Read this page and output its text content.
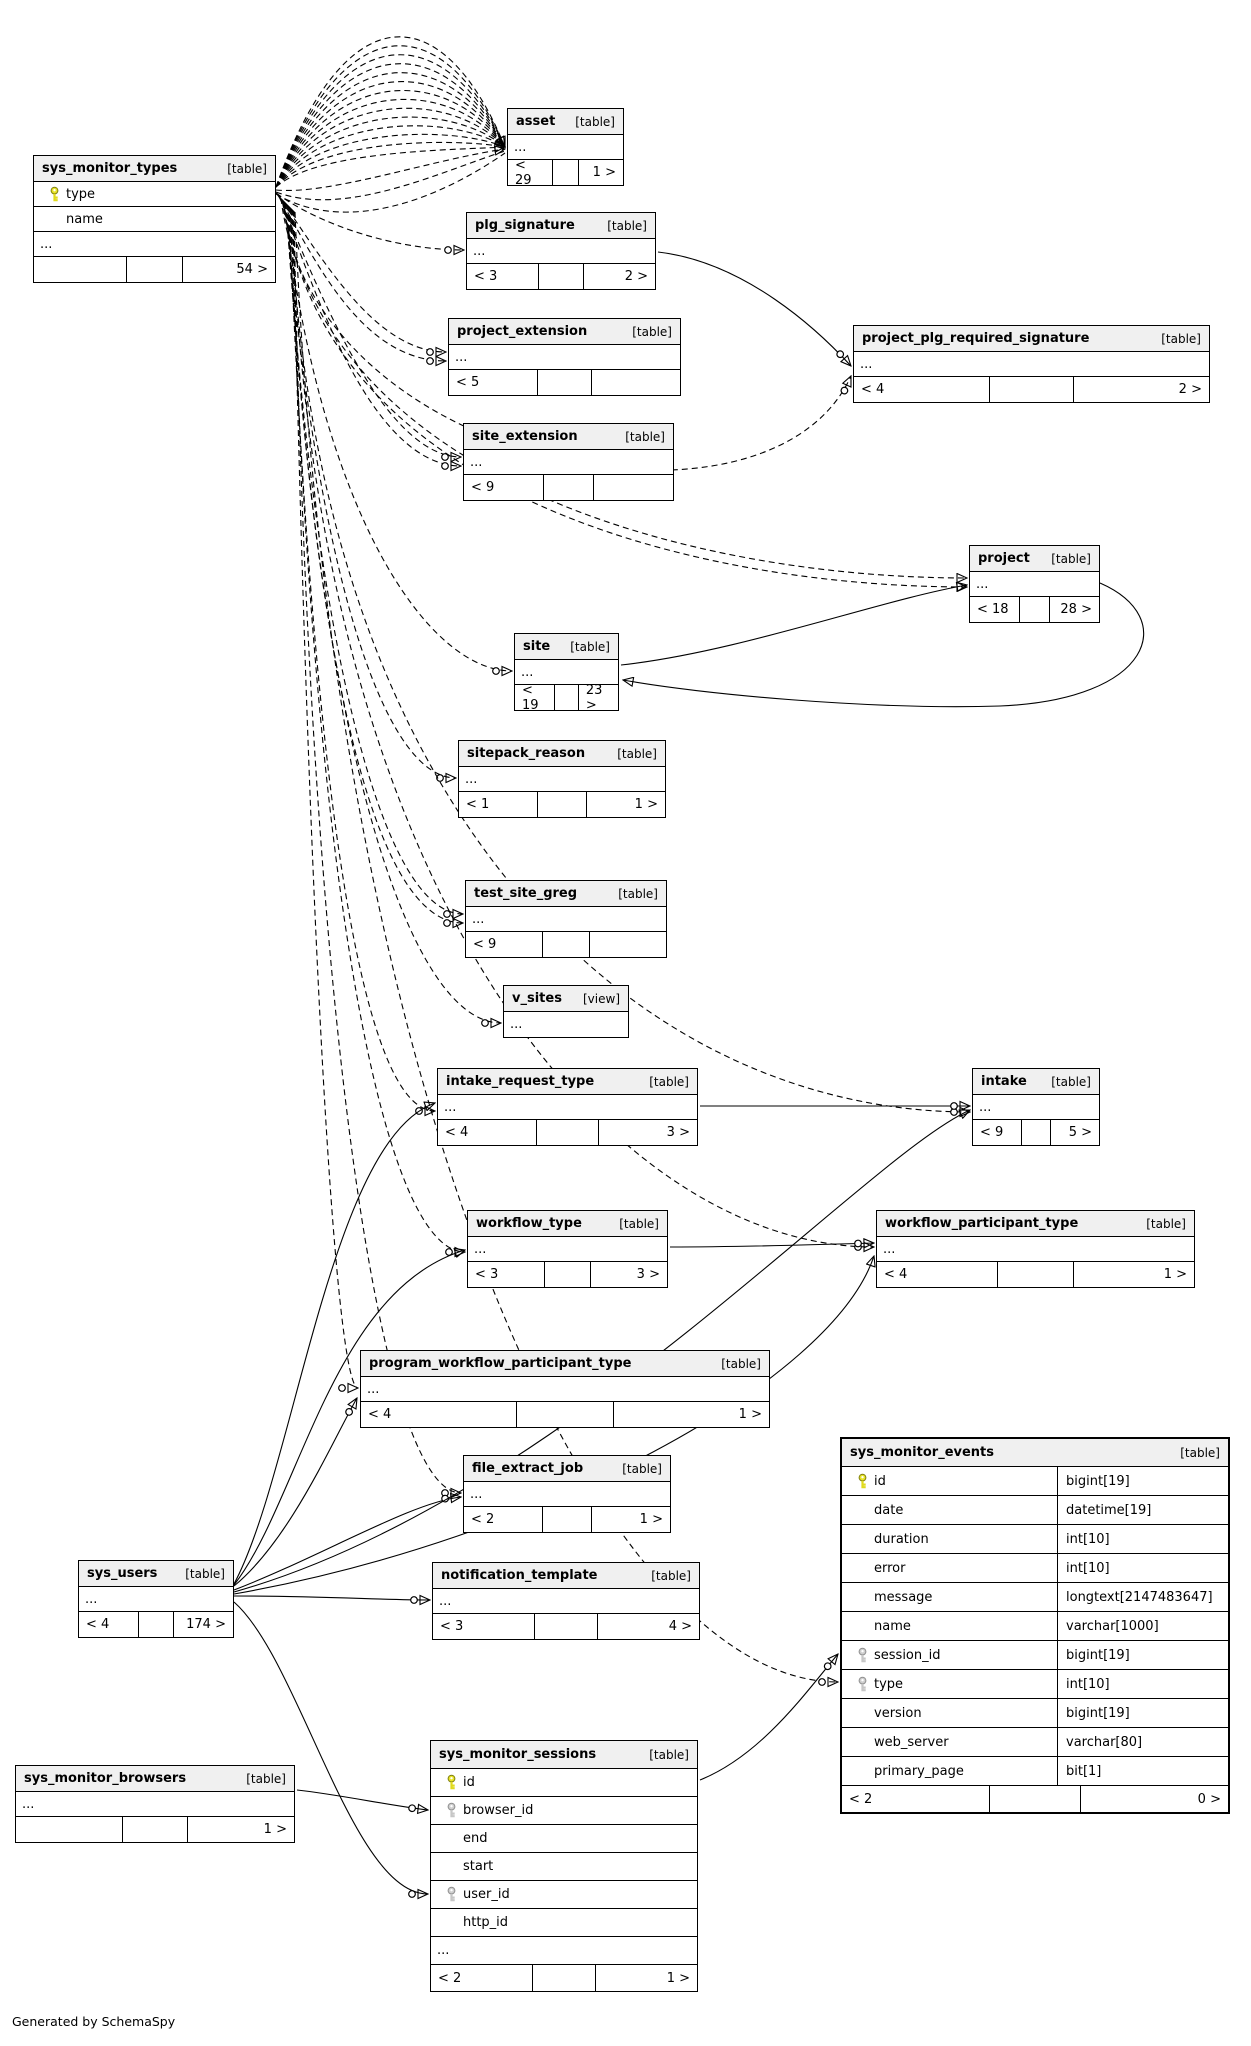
Generated by SchemaSpy
sys_monitor_types	[table]
type
name
...
54 >
asset [table]
...
< 29	1 >
plg_signature	[table]
...
< 3	2 >
project_extension	[table]
...
< 5
site_extension	[table]
...
< 9
project_plg_required_signature	[table]
...
< 4	2 >
project [table]
...
< 18	28 >
site [table]
...
< 19
23 >
sitepack_reason	[table]
...
< 1	1 >
test_site_greg	[table]
...
< 9
v_sites [view]
...
intake_request_type	[table]
...
< 4	3 >
intake [table]
...
< 9	5 >
workflow_type	[table]
...
< 3	3 >
workflow_participant_type	[table]
...
< 4	1 >
program_workflow_participant_type	[table]
...
< 4	1 >
file_extract_job	[table]
...
< 2	1 >
notification_template	[table]
...
< 3	4 >
sys_users [table]
...
< 4	174 >
sys_monitor_events	[table]
id	bigint[19]
date	datetime[19]
duration	int[10]
error	int[10]
message	longtext[2147483647]
name	varchar[1000]
session_id	bigint[19]
type	int[10]
version	bigint[19]
web_server	varchar[80]
primary_page	bit[1]
< 2	0 >
sys_monitor_browsers	[table]
...
1 >
sys_monitor_sessions	[table]
id
browser_id
end
start
user_id
http_id
...
< 2	1 >
